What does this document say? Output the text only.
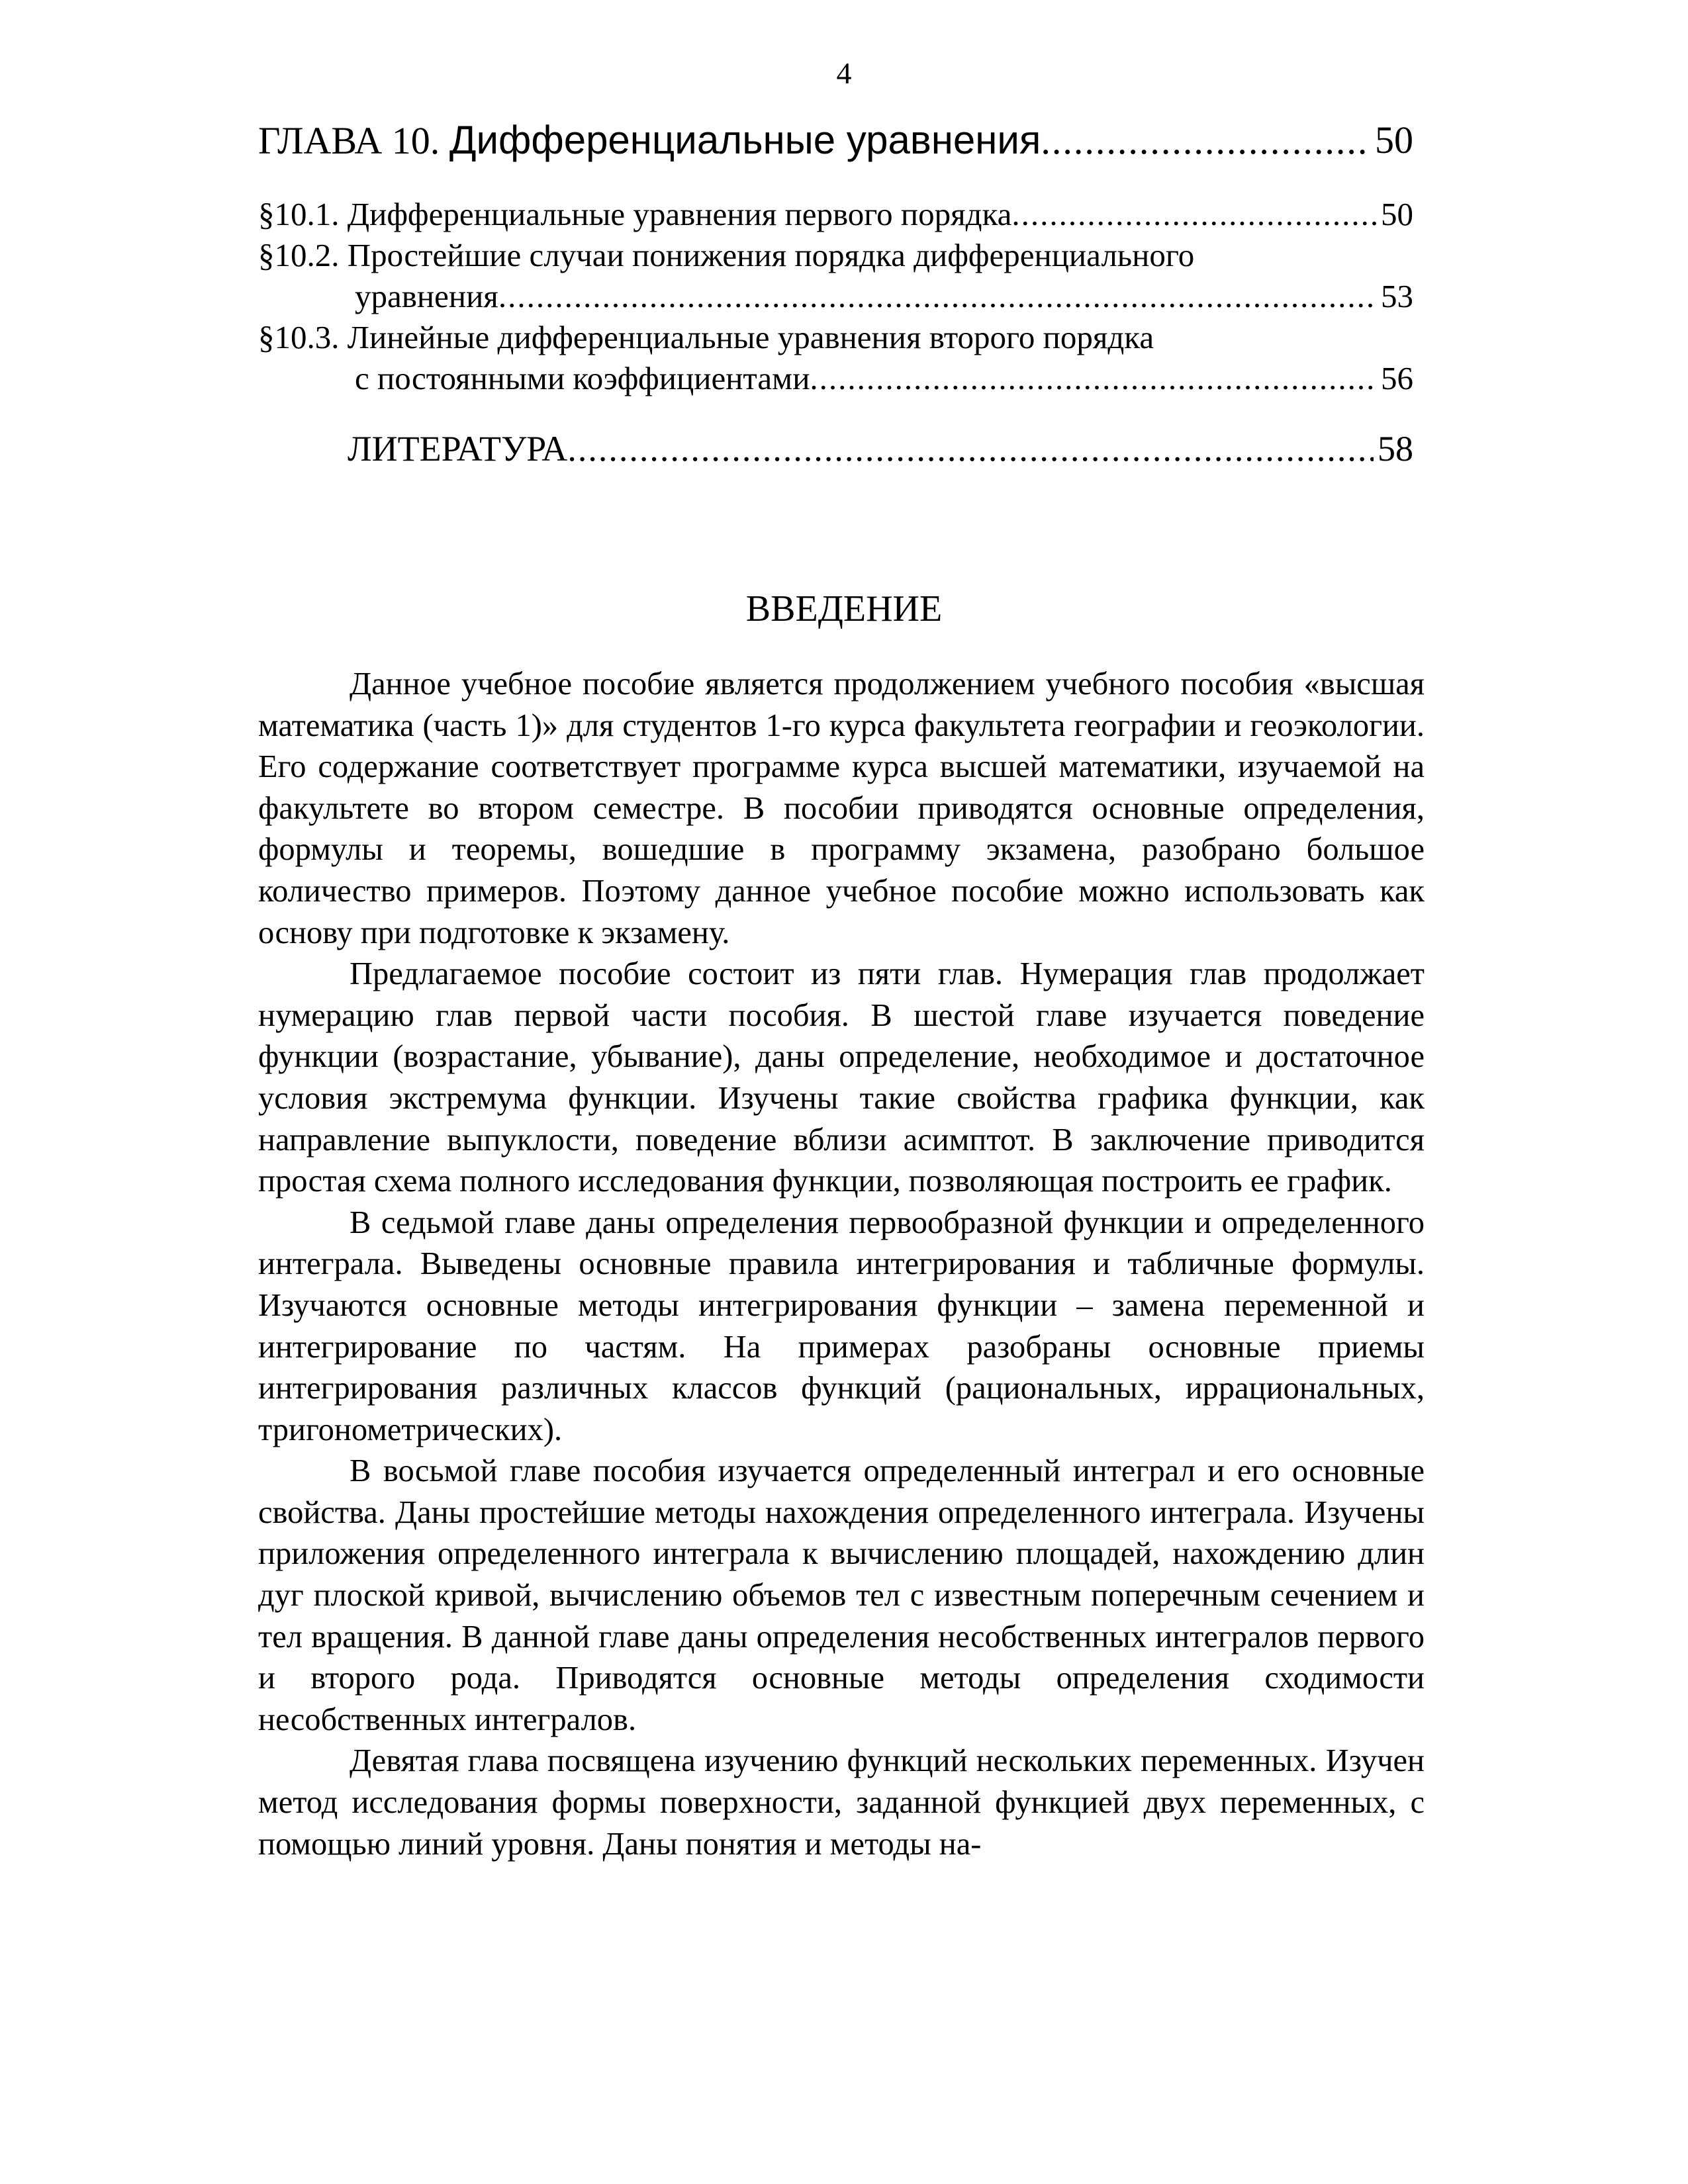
4
ГЛАВА 10. Дифференциальные уравнения .....	50
§10.1. Дифференциальные уравнения первого порядка .....	50
§10.2. Простейшие случаи понижения порядка дифференциального
уравнения .....	53
§10.3. Линейные дифференциальные уравнения второго порядка
с постоянными коэффициентами .....	56
ЛИТЕРАТУРА .....	58
ВВЕДЕНИЕ

Данное учебное пособие является продолжением учебного пособия «высшая математика (часть 1)» для студентов 1-го курса факультета географии и геоэкологии. Его содержание соответствует программе курса высшей математики, изучаемой на факультете во втором семестре. В пособии приводятся основные определения, формулы и теоремы, вошедшие в программу экзамена, разобрано большое количество примеров. Поэтому данное учебное пособие можно использовать как основу при подготовке к экзамену.

Предлагаемое пособие состоит из пяти глав. Нумерация глав продолжает нумерацию глав первой части пособия. В шестой главе изучается поведение функции (возрастание, убывание), даны определение, необходимое и достаточное условия экстремума функции. Изучены такие свойства графика функции, как направление выпуклости, поведение вблизи асимптот. В заключение приводится простая схема полного исследования функции, позволяющая построить ее график.

В седьмой главе даны определения первообразной функции и определенного интеграла. Выведены основные правила интегрирования и табличные формулы. Изучаются основные методы интегрирования функции – замена переменной и интегрирование по частям. На примерах разобраны основные приемы интегрирования различных классов функций (рациональных, иррациональных, тригонометрических).

В восьмой главе пособия изучается определенный интеграл и его основные свойства. Даны простейшие методы нахождения определенного интеграла. Изучены приложения определенного интеграла к вычислению площадей, нахождению длин дуг плоской кривой, вычислению объемов тел с известным поперечным сечением и тел вращения. В данной главе даны определения несобственных интегралов первого и второго рода. Приводятся основные методы определения сходимости несобственных интегралов.

Девятая глава посвящена изучению функций нескольких переменных. Изучен метод исследования формы поверхности, заданной функцией двух переменных, с помощью линий уровня. Даны понятия и методы на-
